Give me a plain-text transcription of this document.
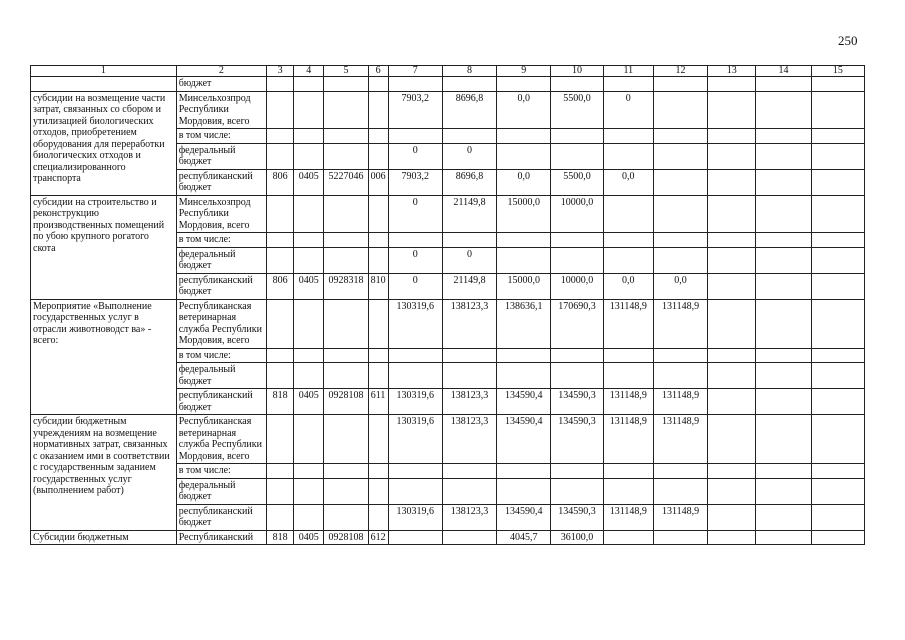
250
1	2	3	4	5	6	7	8	9	10	11	12	13	14	15
	бюджет													
субсидии на возмещение части затрат, связанных со сбором и утилизацией биологических отходов, приобретением оборудования для переработки биологических отходов и специализированного транспорта	Минсельхозпрод Республики Мордовия, всего					7903,2	8696,8	0,0	5500,0	0				
	в том числе:													
	федеральный бюджет					0	0							
	республиканский бюджет	806	0405	5227046	006	7903,2	8696,8	0,0	5500,0	0,0				
субсидии на строительство и реконструкцию производственных помещений по убою крупного рогатого скота	Минсельхозпрод Республики Мордовия, всего					0	21149,8	15000,0	10000,0					
	в том числе:													
	федеральный бюджет					0	0							
	республиканский бюджет	806	0405	0928318	810	0	21149,8	15000,0	10000,0	0,0	0,0			
Мероприятие «Выполнение государственных услуг в отрасли животноводст ва» - всего:	Республиканская ветеринарная служба Республики Мордовия, всего					130319,6	138123,3	138636,1	170690,3	131148,9	131148,9			
	в том числе:													
	федеральный бюджет													
	республиканский бюджет	818	0405	0928108	611	130319,6	138123,3	134590,4	134590,3	131148,9	131148,9			
субсидии бюджетным учреждениям на возмещение нормативных затрат, связанных с оказанием ими в соответствии с государственным заданием государственных услуг (выполнением работ)	Республиканская ветеринарная служба Республики Мордовия, всего					130319,6	138123,3	134590,4	134590,3	131148,9	131148,9			
	в том числе:													
	федеральный бюджет													
	республиканский бюджет					130319,6	138123,3	134590,4	134590,3	131148,9	131148,9			
Субсидии бюджетным	Республиканский	818	0405	0928108	612			4045,7	36100,0					
